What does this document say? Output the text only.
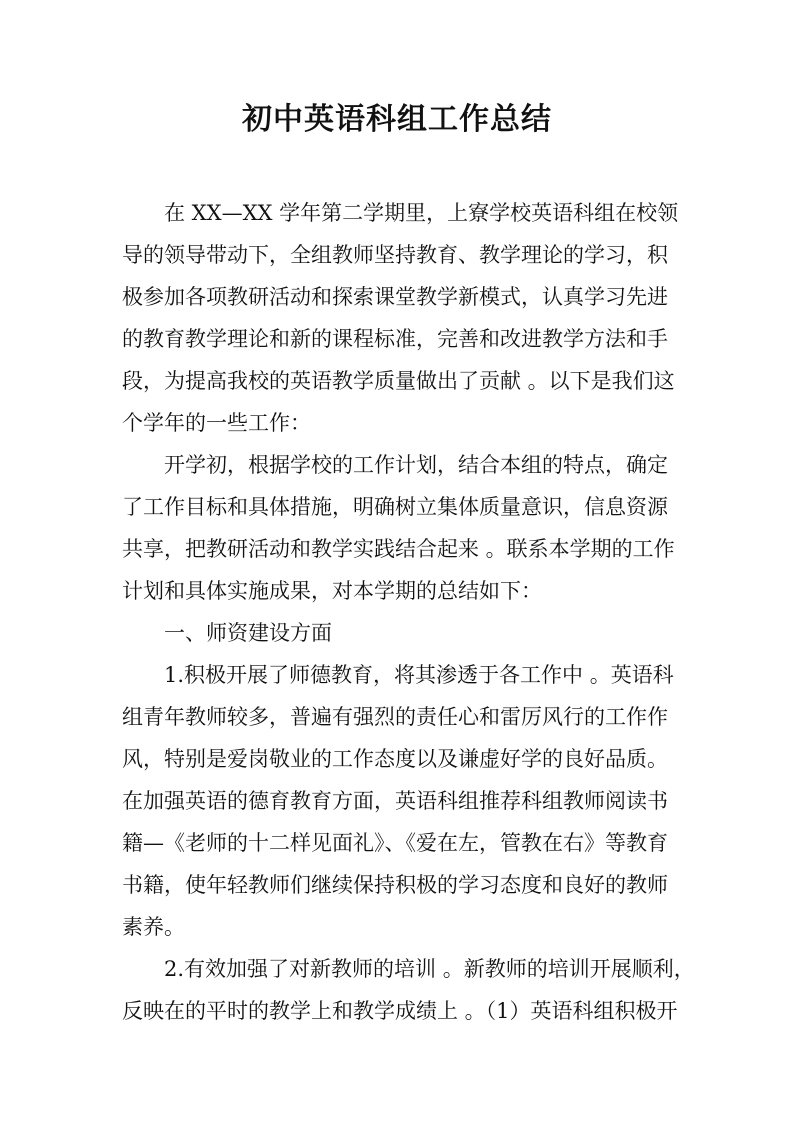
初中英语科组工作总结
　　在 XX—XX 学年第二学期里，上寮学校英语科组在校领
导的领导带动下，全组教师坚持教育、教学理论的学习，积
极参加各项教研活动和探索课堂教学新模式，认真学习先进
的教育教学理论和新的课程标准，完善和改进教学方法和手
段，为提高我校的英语教学质量做出了贡献 。以下是我们这
个学年的一些工作：
　　开学初，根据学校的工作计划，结合本组的特点，确定
了工作目标和具体措施，明确树立集体质量意识，信息资源
共享，把教研活动和教学实践结合起来 。联系本学期的工作
计划和具体实施成果，对本学期的总结如下：
　　一、师资建设方面
　　1.积极开展了师德教育，将其渗透于各工作中 。英语科
组青年教师较多，普遍有强烈的责任心和雷厉风行的工作作
风，特别是爱岗敬业的工作态度以及谦虚好学的良好品质。
在加强英语的德育教育方面，英语科组推荐科组教师阅读书
籍—《老师的十二样见面礼》、《爱在左，管教在右》等教育
书籍，使年轻教师们继续保持积极的学习态度和良好的教师
素养。
　　2.有效加强了对新教师的培训 。新教师的培训开展顺利，
反映在的平时的教学上和教学成绩上 。（1）英语科组积极开
